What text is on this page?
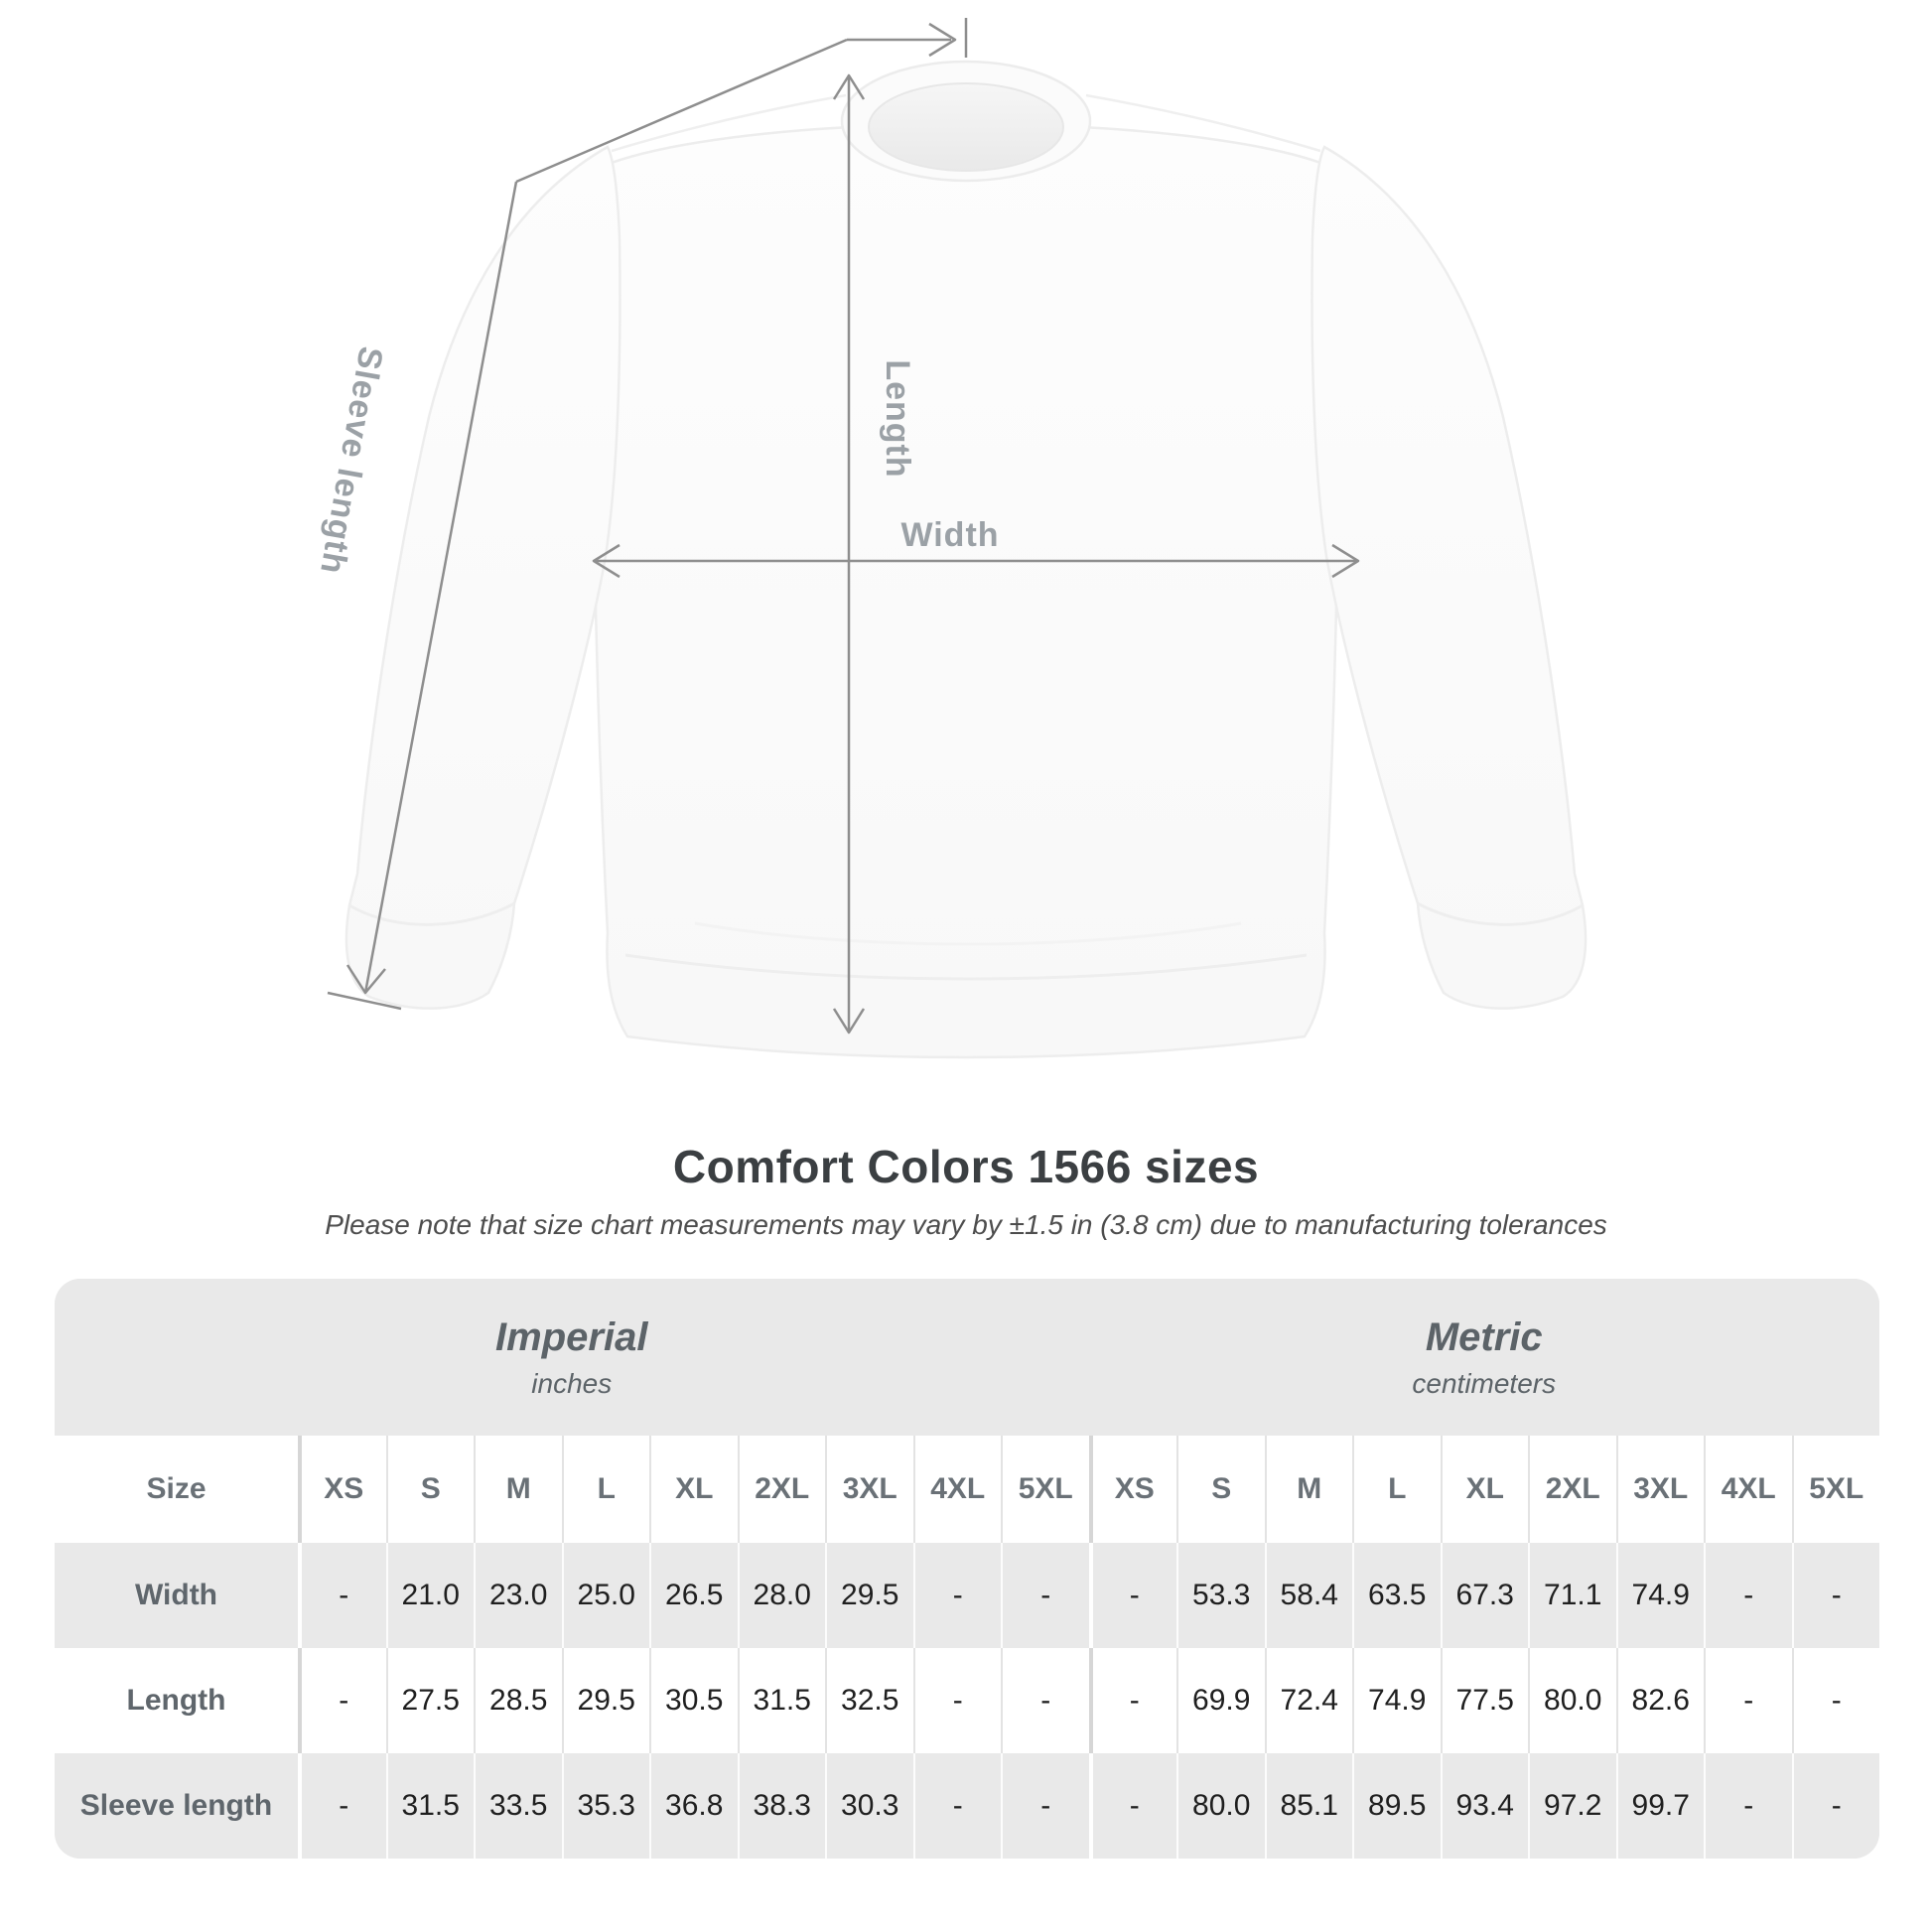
Length
Width
Sleeve length
Comfort Colors 1566 sizes

Please note that size chart measurements may vary by ±1.5 in (3.8 cm) due to manufacturing tolerances

Imperial
inches
Metric
centimeters
Size	XS	S	M	L	XL	2XL	3XL	4XL	5XL	XS	S	M	L	XL	2XL	3XL	4XL	5XL
Width	-	21.0	23.0	25.0	26.5	28.0	29.5	-	-	-	53.3	58.4	63.5	67.3	71.1	74.9	-	-
Length	-	27.5	28.5	29.5	30.5	31.5	32.5	-	-	-	69.9	72.4	74.9	77.5	80.0	82.6	-	-
Sleeve length	-	31.5	33.5	35.3	36.8	38.3	30.3	-	-	-	80.0	85.1	89.5	93.4	97.2	99.7	-	-
